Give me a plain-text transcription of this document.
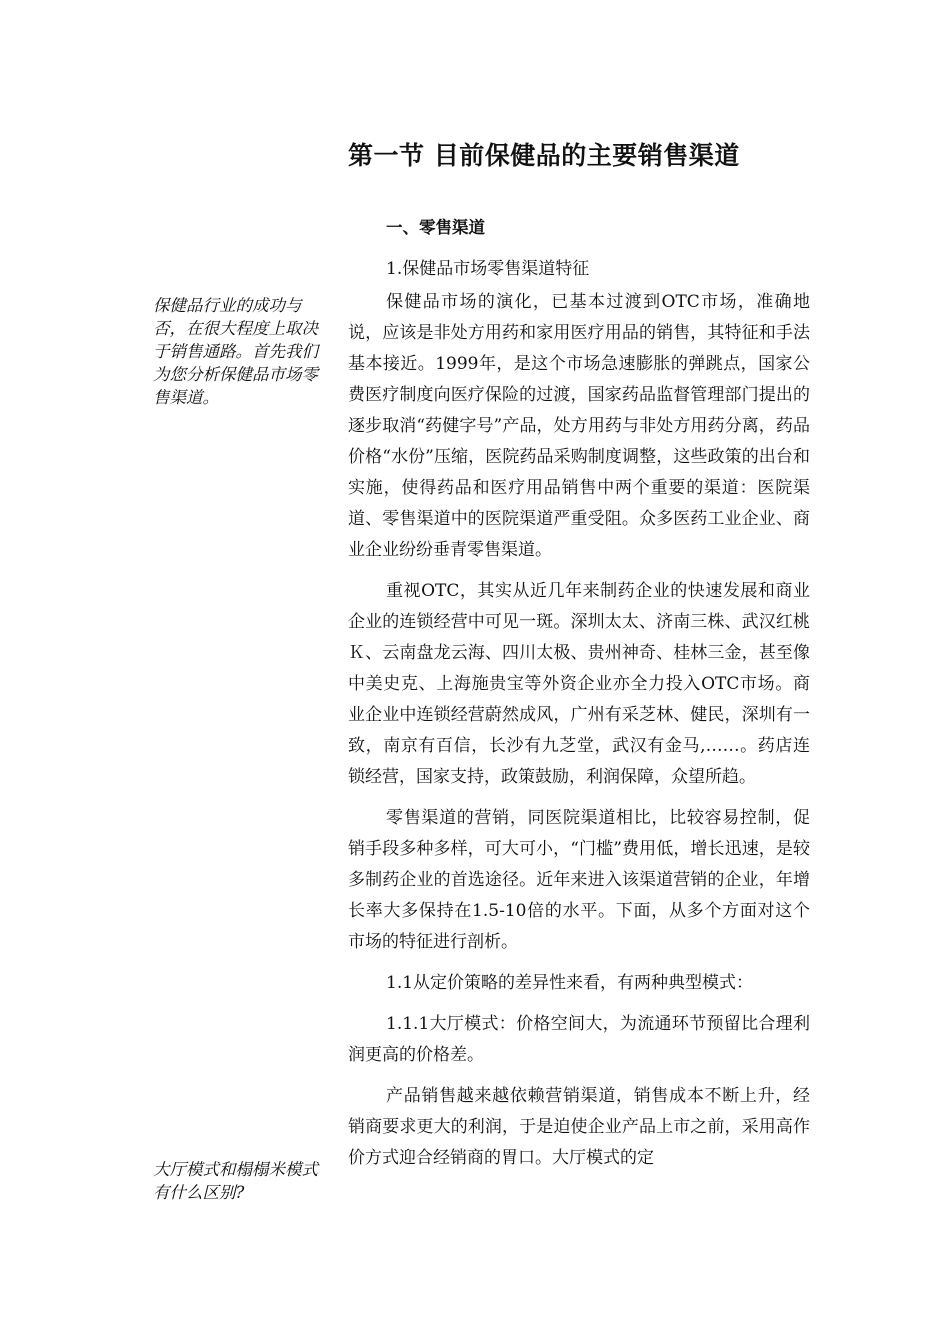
第一节 目前保健品的主要销售渠道
一、零售渠道
1.保健品市场零售渠道特征
保健品行业的成功与否，在很大程度上取决于销售通路。首先我们为您分析保健品市场零售渠道。

保健品市场的演化，已基本过渡到OTC市场，准确地说，应该是非处方用药和家用医疗用品的销售，其特征和手法基本接近。1999年，是这个市场急速膨胀的弹跳点，国家公费医疗制度向医疗保险的过渡，国家药品监督管理部门提出的逐步取消“药健字号”产品，处方用药与非处方用药分离，药品价格“水份”压缩，医院药品采购制度调整，这些政策的出台和实施，使得药品和医疗用品销售中两个重要的渠道：医院渠道、零售渠道中的医院渠道严重受阻。众多医药工业企业、商业企业纷纷垂青零售渠道。

重视OTC，其实从近几年来制药企业的快速发展和商业企业的连锁经营中可见一斑。深圳太太、济南三株、武汉红桃Ｋ、云南盘龙云海、四川太极、贵州神奇、桂林三金，甚至像中美史克、上海施贵宝等外资企业亦全力投入OTC市场。商业企业中连锁经营蔚然成风，广州有采芝林、健民，深圳有一致，南京有百信，长沙有九芝堂，武汉有金马,……。药店连锁经营，国家支持，政策鼓励，利润保障，众望所趋。

零售渠道的营销，同医院渠道相比，比较容易控制，促销手段多种多样，可大可小，“门槛”费用低，增长迅速，是较多制药企业的首选途径。近年来进入该渠道营销的企业，年增长率大多保持在1.5-10倍的水平。下面，从多个方面对这个市场的特征进行剖析。

1.1从定价策略的差异性来看，有两种典型模式：

1.1.1大厅模式：价格空间大，为流通环节预留比合理利润更高的价格差。

产品销售越来越依赖营销渠道，销售成本不断上升，经销商要求更大的利润，于是迫使企业产品上市之前，采用高作价方式迎合经销商的胃口。大厅模式的定

大厅模式和榻榻米模式有什么区别?
